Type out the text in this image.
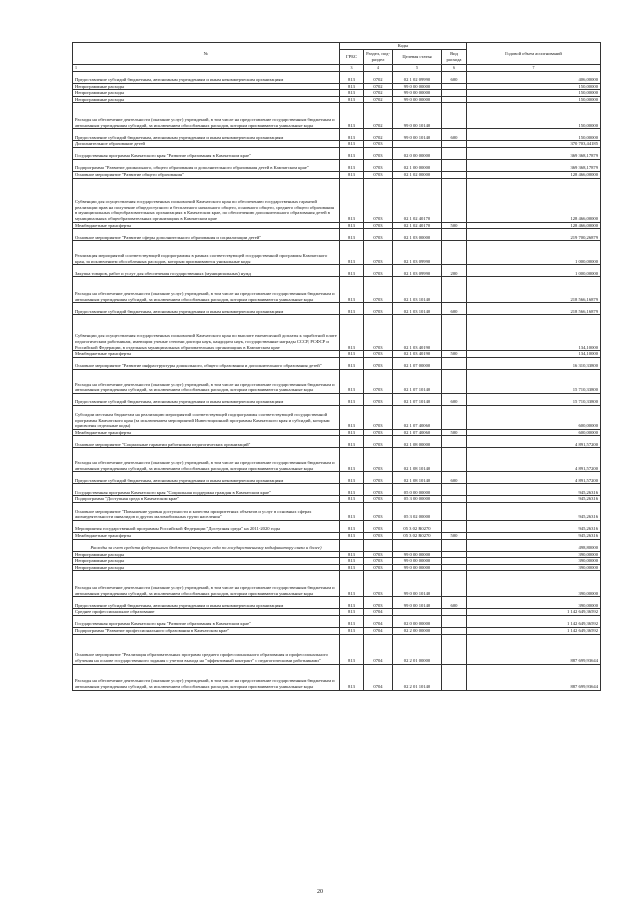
№	Коды				Годовой объем ассигнований
	ГРБС	Раздел, под-раздел	Целевая статья	Вид расхода	
1	3	4	5	6	7
Предоставление субсидий бюджетным, автономным учреждениям и иным некоммерческим организациям	813	0702	02 1 02 09990	600	406,00000
Непрограммные расходы	813	0702	99 0 00 00000		150,00000
Непрограммные расходы	813	0702	99 0 00 00000		150,00000
Непрограммные расходы	813	0702	99 0 00 00000		150,00000
Расходы на обеспечение деятельности (оказание услуг) учреждений, в том числе на предоставление государственным бюджетным и автономным учреждениям субсидий, за исключением обособленных расходов, которым присваиваются уникальные коды	813	0702	99 0 00 10140		150,00000
Предоставление субсидий бюджетным, автономным учреждениям и иным некоммерческим организациям	813	0702	99 0 00 10140	600	150,00000
Дополнительное образование детей	813	0703			370 703,44185
Государственная программа Камчатского края "Развитие образования в Камчатском крае"	813	0703	02 0 00 00000		369 368,17879
Подпрограмма "Развитие дошкольного, общего образования и дополнительного образования детей в Камчатском крае"	813	0703	02 1 00 00000		369 368,17879
Основное мероприятие "Развитие общего образования"	813	0703	02 1 02 00000		128 466,00000
Субвенции для осуществления государственных полномочий Камчатского края по обеспечению государственных гарантий реализации прав на получение общедоступного и бесплатного начального общего, основного общего, среднего общего образования в муниципальных общеобразовательных организациях в Камчатском крае, по обеспечению дополнительного образования детей в муниципальных общеобразовательных организациях в Камчатском крае	813	0703	02 1 02 40170		128 466,00000
Межбюджетные трансферты	813	0703	02 1 02 40170	500	128 466,00000
Основное мероприятие "Развитие сферы дополнительного образования и социализации детей"	813	0703	02 1 03 00000		219 700,26879
Реализация мероприятий соответствующей подпрограммы в рамках соответствующей государственной программы Камчатского края, за исключением обособленных расходов, которым присваиваются уникальные коды	813	0703	02 1 03 09990		1 000,00000
Закупка товаров, работ и услуг для обеспечения государственных (муниципальных) нужд	813	0703	02 1 03 09990	200	1 000,00000
Расходы на обеспечение деятельности (оказание услуг) учреждений, в том числе на предоставление государственным бюджетным и автономным учреждениям субсидий, за исключением обособленных расходов, которым присваиваются уникальные коды	813	0703	02 1 03 10140		218 566,16879
Предоставление субсидий бюджетным, автономным учреждениям и иным некоммерческим организациям	813	0703	02 1 03 10140	600	218 566,16879
Субвенции для осуществления государственных полномочий Камчатского края по выплате ежемесячной доплаты к заработной плате педагогическим работникам, имеющим ученые степени доктора наук, кандидата наук, государственные награды СССР, РСФСР и Российской Федерации, в отдельных муниципальных образовательных организациях в Камчатском крае	813	0703	02 1 03 40190		134,10000
Межбюджетные трансферты	813	0703	02 1 03 40190	500	134,10000
Основное мероприятие "Развитие инфраструктуры дошкольного, общего образования и дополнительного образования детей"	813	0703	02 1 07 00000		16 310,33800
Расходы на обеспечение деятельности (оказание услуг) учреждений, в том числе на предоставление государственным бюджетным и автономным учреждениям субсидий, за исключением обособленных расходов, которым присваиваются уникальные коды	813	0703	02 1 07 10140		15 710,33800
Предоставление субсидий бюджетным, автономным учреждениям и иным некоммерческим организациям	813	0703	02 1 07 10140	600	15 710,33800
Субсидии местным бюджетам на реализацию мероприятий соответствующей подпрограммы соответствующей государственной программы Камчатского края (за исключением мероприятий Инвестиционной программы Камчатского края и субсидий, которым присвоены отдельные коды)	813	0703	02 1 07 40060		600,00000
Межбюджетные трансферты	813	0703	02 1 07 40060	500	600,00000
Основное мероприятие "Социальные гарантии работникам педагогических организаций"	813	0703	02 1 08 00000		4 891,57200
Расходы на обеспечение деятельности (оказание услуг) учреждений, в том числе на предоставление государственным бюджетным и автономным учреждениям субсидий, за исключением обособленных расходов, которым присваиваются уникальные коды	813	0703	02 1 08 10140		4 891,57200
Предоставление субсидий бюджетным, автономным учреждениям и иным некоммерческим организациям	813	0703	02 1 08 10140	600	4 891,57200
Государственная программа Камчатского края "Социальная поддержка граждан в Камчатском крае"	813	0703	05 0 00 00000		945,26316
Подпрограмма "Доступная среда в Камчатском крае"	813	0703	05 3 00 00000		945,26316
Основное мероприятие "Повышение уровня доступности и качества приоритетных объектов и услуг в основных сферах жизнедеятельности инвалидов и других маломобильных групп населения"	813	0703	05 3 02 00000		945,26316
Мероприятия государственной программы Российской Федерации "Доступная среда" на 2011-2020 годы	813	0703	05 3 02 R0270		945,26316
Межбюджетные трансферты	813	0703	05 3 02 R0270	500	945,26316
Расходы за счет средств федерального бюджета (текущего года по государственному кодификатору связи и более)					498,80000
Непрограммные расходы	813	0703	99 0 00 00000		390,00000
Непрограммные расходы	813	0703	99 0 00 00000		390,00000
Непрограммные расходы	813	0703	99 0 00 00000		390,00000
Расходы на обеспечение деятельности (оказание услуг) учреждений, в том числе на предоставление государственным бюджетным и автономным учреждениям субсидий, за исключением обособленных расходов, которым присваиваются уникальные коды	813	0703	99 0 00 10140		390,00000
Предоставление субсидий бюджетным, автономным учреждениям и иным некоммерческим организациям	813	0703	99 0 00 10140	600	390,00000
Среднее профессиональное образование	813	0704			1 142 649,36592
Государственная программа Камчатского края "Развитие образования в Камчатском крае"	813	0704	02 0 00 00000		1 142 649,36592
Подпрограмма "Развитие профессионального образования в Камчатском крае"	813	0704	02 2 00 00000		1 142 649,36592
Основное мероприятие "Реализация образовательных программ среднего профессионального образования и профессионального обучения на основе государственного задания с учетом выхода на "эффективный контракт" с педагогическими работниками"	813	0704	02 2 01 00000		887 699,93644
Расходы на обеспечение деятельности (оказание услуг) учреждений, в том числе на предоставление государственным бюджетным и автономным учреждениям субсидий, за исключением обособленных расходов, которым присваиваются уникальные коды	813	0704	02 2 01 10140		887 699,93644
20
